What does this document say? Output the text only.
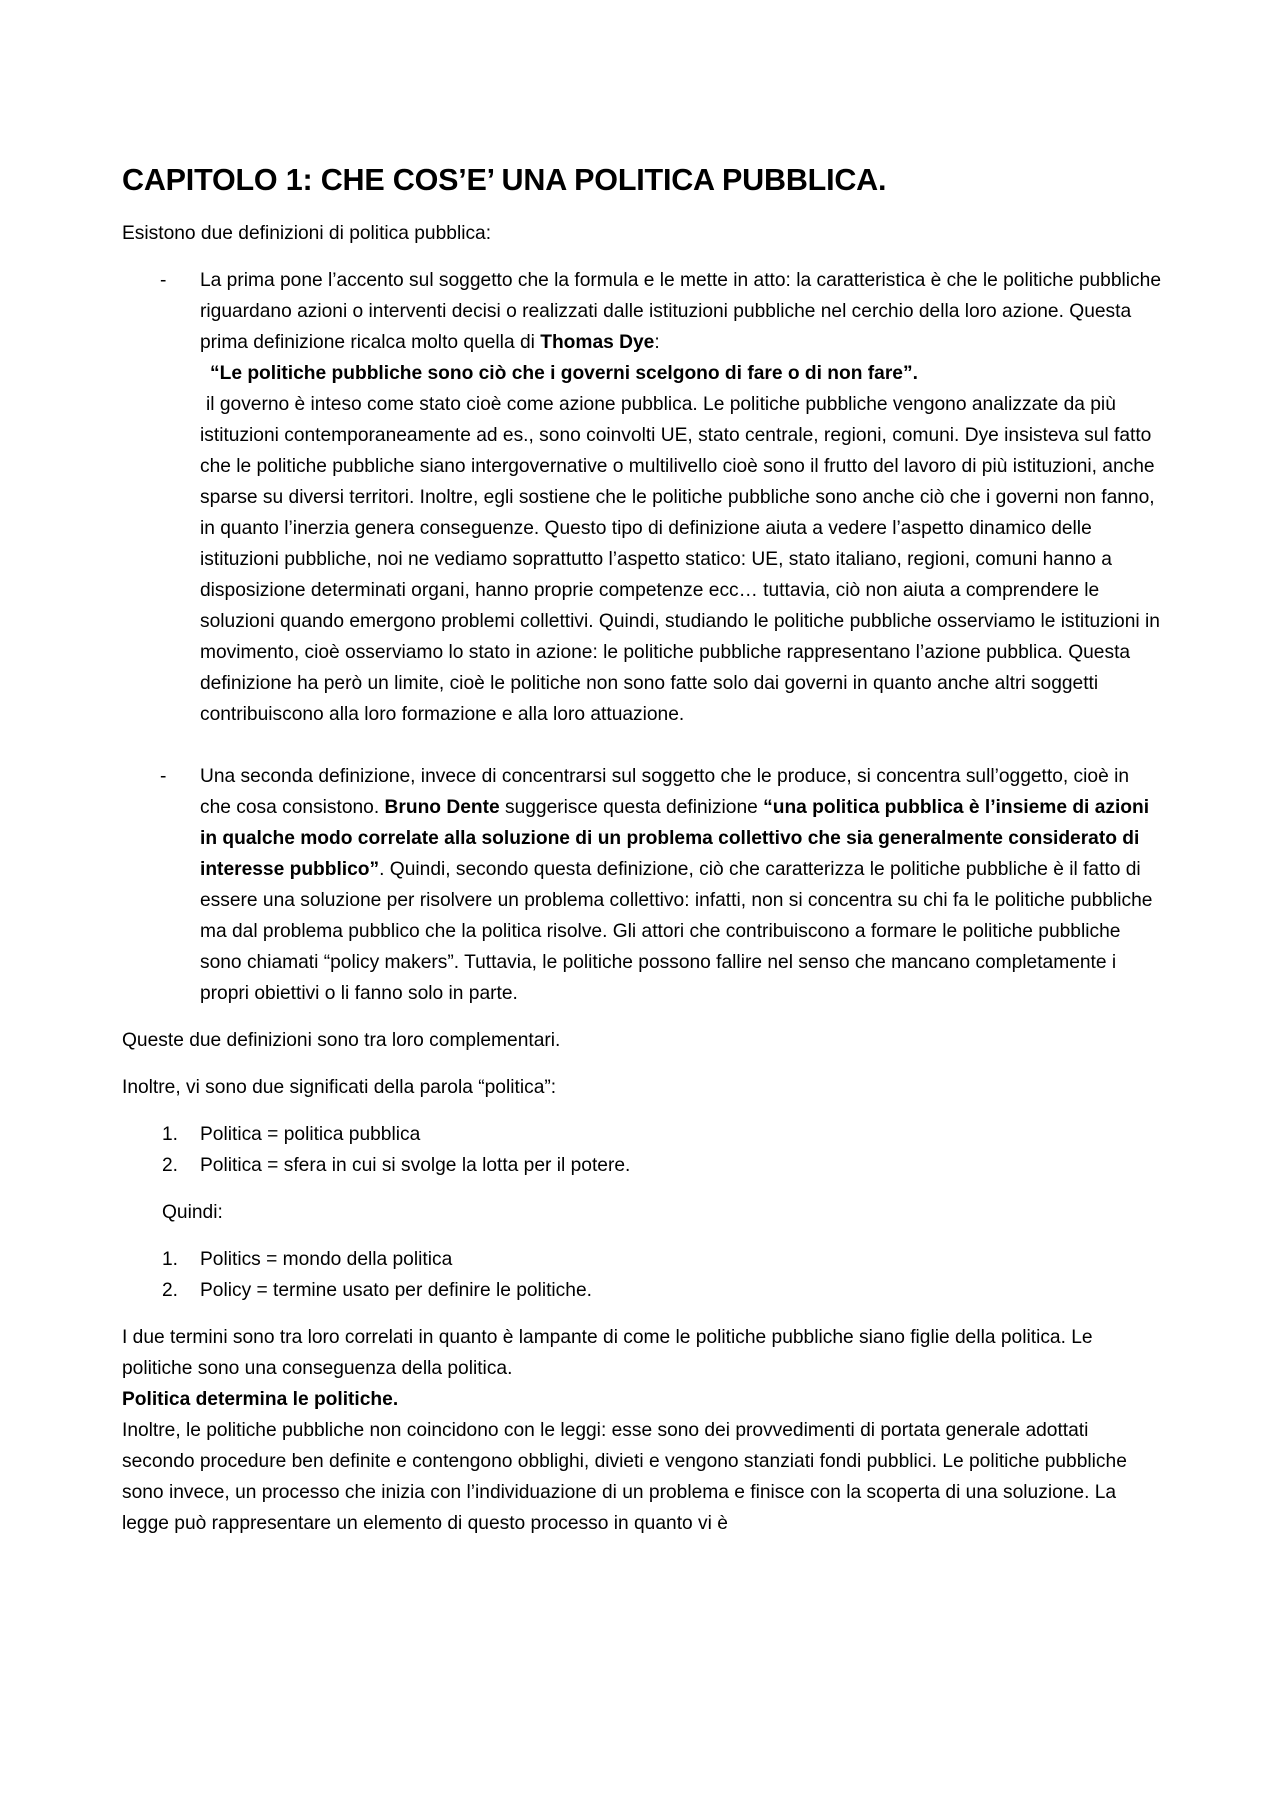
CAPITOLO 1: CHE COS’E’ UNA POLITICA PUBBLICA.

Esistono due definizioni di politica pubblica:

- La prima pone l’accento sul soggetto che la formula e le mette in atto: la caratteristica è che le politiche pubbliche riguardano azioni o interventi decisi o realizzati dalle istituzioni pubbliche nel cerchio della loro azione. Questa prima definizione ricalca molto quella di Thomas Dye:
“Le politiche pubbliche sono ciò che i governi scelgono di fare o di non fare”.
il governo è inteso come stato cioè come azione pubblica. Le politiche pubbliche vengono analizzate da più istituzioni contemporaneamente ad es., sono coinvolti UE, stato centrale, regioni, comuni. Dye insisteva sul fatto che le politiche pubbliche siano intergovernative o multilivello cioè sono il frutto del lavoro di più istituzioni, anche sparse su diversi territori. Inoltre, egli sostiene che le politiche pubbliche sono anche ciò che i governi non fanno, in quanto l’inerzia genera conseguenze. Questo tipo di definizione aiuta a vedere l’aspetto dinamico delle istituzioni pubbliche, noi ne vediamo soprattutto l’aspetto statico: UE, stato italiano, regioni, comuni hanno a disposizione determinati organi, hanno proprie competenze ecc… tuttavia, ciò non aiuta a comprendere le soluzioni quando emergono problemi collettivi. Quindi, studiando le politiche pubbliche osserviamo le istituzioni in movimento, cioè osserviamo lo stato in azione: le politiche pubbliche rappresentano l’azione pubblica. Questa definizione ha però un limite, cioè le politiche non sono fatte solo dai governi in quanto anche altri soggetti contribuiscono alla loro formazione e alla loro attuazione.
- Una seconda definizione, invece di concentrarsi sul soggetto che le produce, si concentra sull’oggetto, cioè in che cosa consistono. Bruno Dente suggerisce questa definizione “una politica pubblica è l’insieme di azioni in qualche modo correlate alla soluzione di un problema collettivo che sia generalmente considerato di interesse pubblico”. Quindi, secondo questa definizione, ciò che caratterizza le politiche pubbliche è il fatto di essere una soluzione per risolvere un problema collettivo: infatti, non si concentra su chi fa le politiche pubbliche ma dal problema pubblico che la politica risolve. Gli attori che contribuiscono a formare le politiche pubbliche sono chiamati “policy makers”. Tuttavia, le politiche possono fallire nel senso che mancano completamente i propri obiettivi o li fanno solo in parte.

Queste due definizioni sono tra loro complementari.

Inoltre, vi sono due significati della parola “politica”:

1. Politica = politica pubblica
2. Politica = sfera in cui si svolge la lotta per il potere.

Quindi:

1. Politics = mondo della politica
2. Policy = termine usato per definire le politiche.

I due termini sono tra loro correlati in quanto è lampante di come le politiche pubbliche siano figlie della politica. Le politiche sono una conseguenza della politica.

Politica determina le politiche.

Inoltre, le politiche pubbliche non coincidono con le leggi: esse sono dei provvedimenti di portata generale adottati secondo procedure ben definite e contengono obblighi, divieti e vengono stanziati fondi pubblici. Le politiche pubbliche sono invece, un processo che inizia con l’individuazione di un problema e finisce con la scoperta di una soluzione. La legge può rappresentare un elemento di questo processo in quanto vi è
